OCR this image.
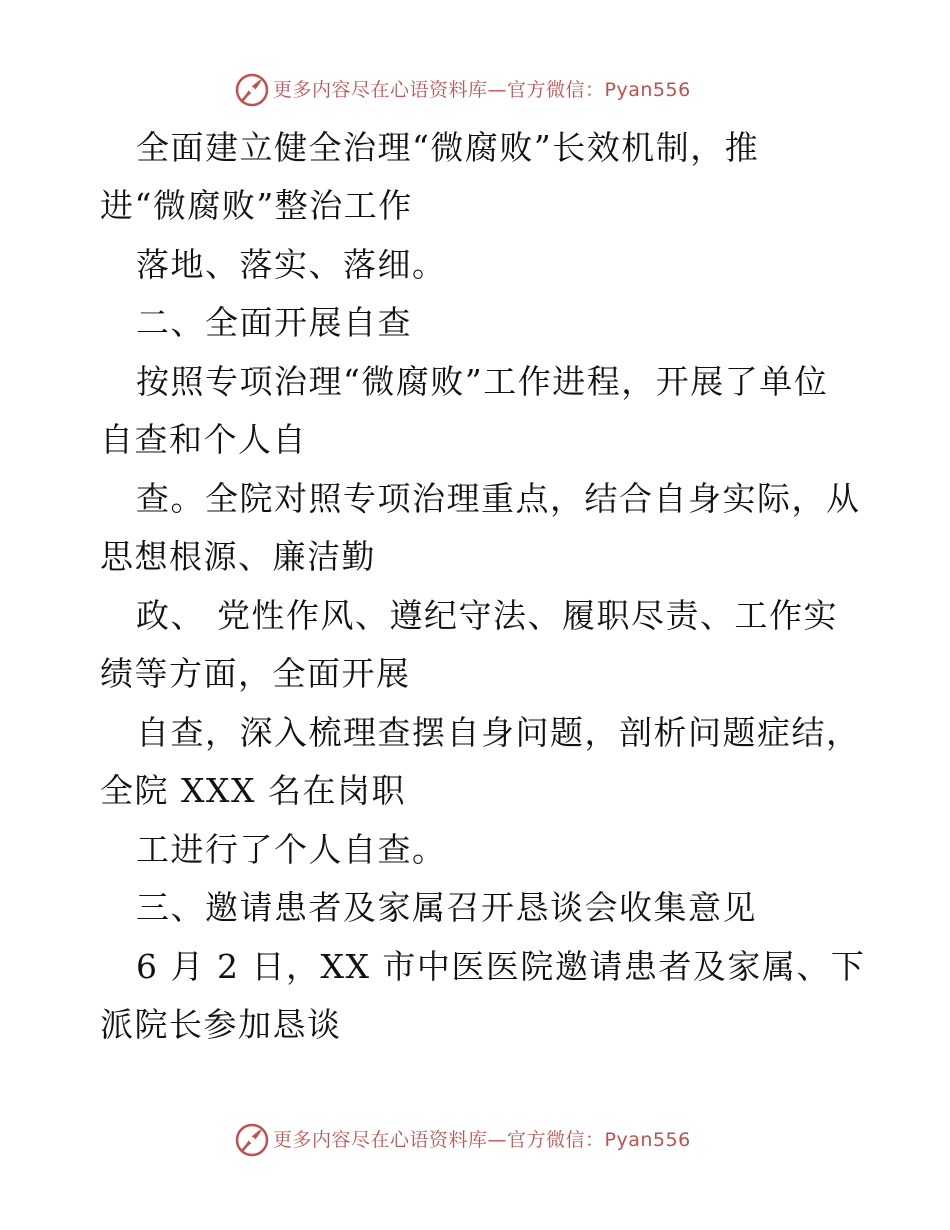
更多内容尽在心语资料库—官方微信：Pyan556
全面建立健全治理“微腐败”长效机制，推
进“微腐败”整治工作
落地、落实、落细。
二、全面开展自查
按照专项治理“微腐败”工作进程，开展了单位
自查和个人自
查。全院对照专项治理重点，结合自身实际，从
思想根源、廉洁勤
政、 党性作风、遵纪守法、履职尽责、工作实
绩等方面，全面开展
自查，深入梳理查摆自身问题，剖析问题症结，
全院 XXX 名在岗职
工进行了个人自查。
三、邀请患者及家属召开恳谈会收集意见
6 月 2 日，XX 市中医医院邀请患者及家属、下
派院长参加恳谈
更多内容尽在心语资料库—官方微信：Pyan556
